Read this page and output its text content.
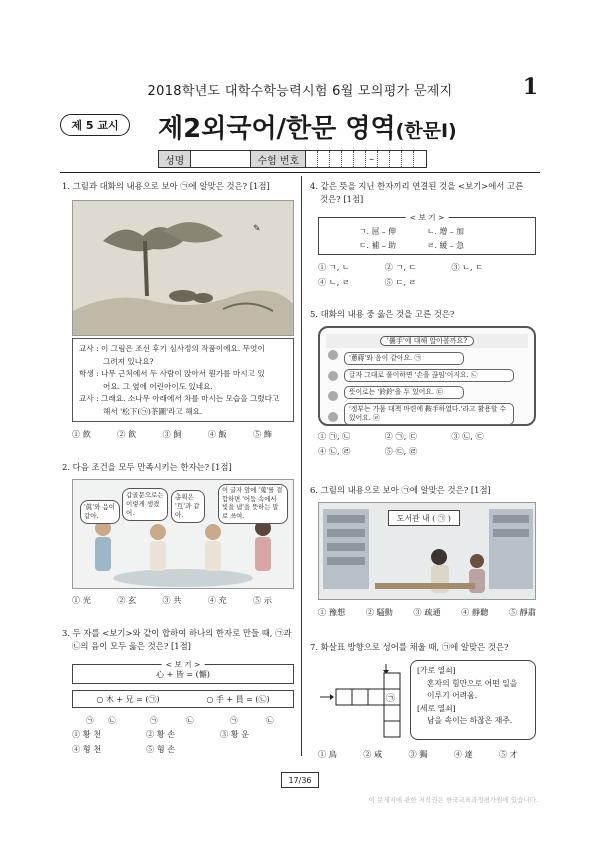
2018학년도 대학수학능력시험 6월 모의평가 문제지	1
제 5 교시	제2외국어/한문 영역(한문Ⅰ)
성명	수험 번호	–
1. 그림과 대화의 내용으로 보아 ㉠에 알맞은 것은? [1점]
✎
교사 : 이 그림은 조선 후기 심사정의 작품이에요. 무엇이
그려져 있나요?
학생 : 나무 근처에서 두 사람이 앉아서 뭔가를 마시고 있
어요. 그 옆에 어린아이도 있네요.
교사 : 그래요. 소나무 아래에서 차를 마시는 모습을 그렸다고
해서 '松下(㉠)茶圖'라고 해요.
① 飲	② 飮	③ 飼	④ 飯	⑤ 飾
2. 다음 조건을 모두 만족시키는 한자는? [1점]
'眞'와 음이 같아.
갑골문으로는 이렇게 생겼어.
총획은 '互'과 같아.
이 글자 앞에 '蒐'를 결합하면 '어둠 속에서 빛을 냄'을 뜻하는 말로 쓰여.
① 光	② 玄	③ 共	④ 充	⑤ 示
3. 두 자를 <보기>와 같이 합하여 하나의 한자로 만들 때, ㉠과
㉡의 음이 모두 옳은 것은? [1점]
< 보 기 >
心 + 皆 = (懈)
○ 木 + 兄 = (㉠)	○ 手 + 員 = (㉡)
㉠	㉡	㉠	㉡	㉠	㉡
① 황 천	② 황 손	③ 황 운
④ 형 천	⑤ 형 손
4. 같은 뜻을 지닌 한자끼리 연결된 것을 <보기>에서 고른
것은? [1점]
< 보 기 >
ㄱ. 屈 – 伸	ㄴ. 增 – 加
ㄷ. 補 – 助	ㄹ. 緩 – 急
① ㄱ, ㄴ	② ㄱ, ㄷ	③ ㄴ, ㄷ
④ ㄴ, ㄹ	⑤ ㄷ, ㄹ
5. 대화의 내용 중 옳은 것을 고른 것은?
'曇手'에 대해 알아볼까요?
'蔥蔣'와 음이 같아요. ㉠
글자 그대로 풀이하면 '손을 끊임'이지요. ㉡
뜻이로는 '鈴鈴'을 두 있어요. ㉢
'정부는 가뭄 대책 마련에 鞍手하였다.'라고 활용할 수 있어요. ㉣
① ㉠, ㉡	② ㉠, ㉢	③ ㉡, ㉢
④ ㉡, ㉣	⑤ ㉢, ㉣
6. 그림의 내용으로 보아 ㉠에 알맞은 것은? [1점]
도서관 내 ( ㉠ )
① 豫想	② 騷動	③ 疏通	④ 靜聽	⑤ 靜肅
7. 화살표 방향으로 성어를 채울 때, ㉠에 알맞은 것은?
㉠
[가로 열쇠]
혼자의 힘만으로 어떤 일을
이루기 어려움.
[세로 열쇠]
남을 속이는 하찮은 재주.
① 鳥	② 咸	③ 獨	④ 達	⑤ 才
17/36
이 문제지에 관한 저작권은 한국교육과정평가원에 있습니다.
